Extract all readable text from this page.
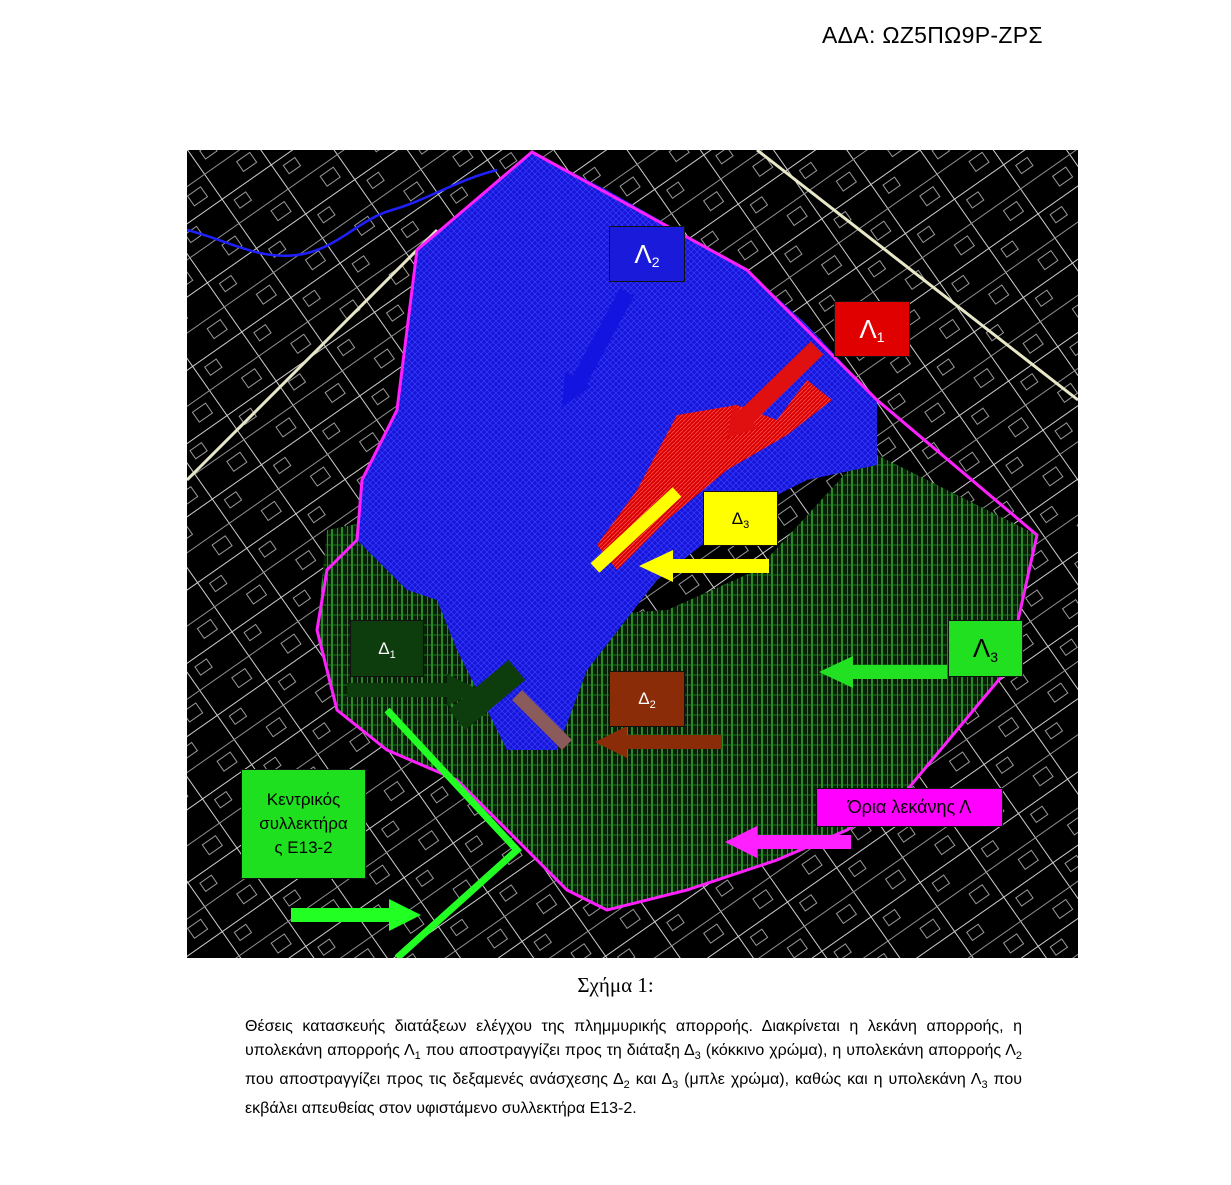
ΑΔΑ: ΩΖ5ΠΩ9Ρ-ΖΡΣ
Λ 2
Λ 1
Δ 3
Λ 3
Δ 1
Δ 2
Κεντρικός
συλλεκτήρα
ς Ε13-2
Όρια λεκάνης Λ
Σχήμα 1:
Θέσεις κατασκευής διατάξεων ελέγχου της πλημμυρικής απορροής. Διακρίνεται η λεκάνη απορροής, η υπολεκάνη απορροής $\Lambda_1$ που αποστραγγίζει προς τη διάταξη $\Delta_3$ (κόκκινο χρώμα), η υπολεκάνη απορροής $\Lambda_2$ που αποστραγγίζει προς τις δεξαμενές ανάσχεσης $\Delta_2$ και $\Delta_3$ (μπλε χρώμα), καθώς και η υπολεκάνη $\Lambda_3$ που εκβάλει απευθείας στον υφιστάμενο συλλεκτήρα Ε13-2.
